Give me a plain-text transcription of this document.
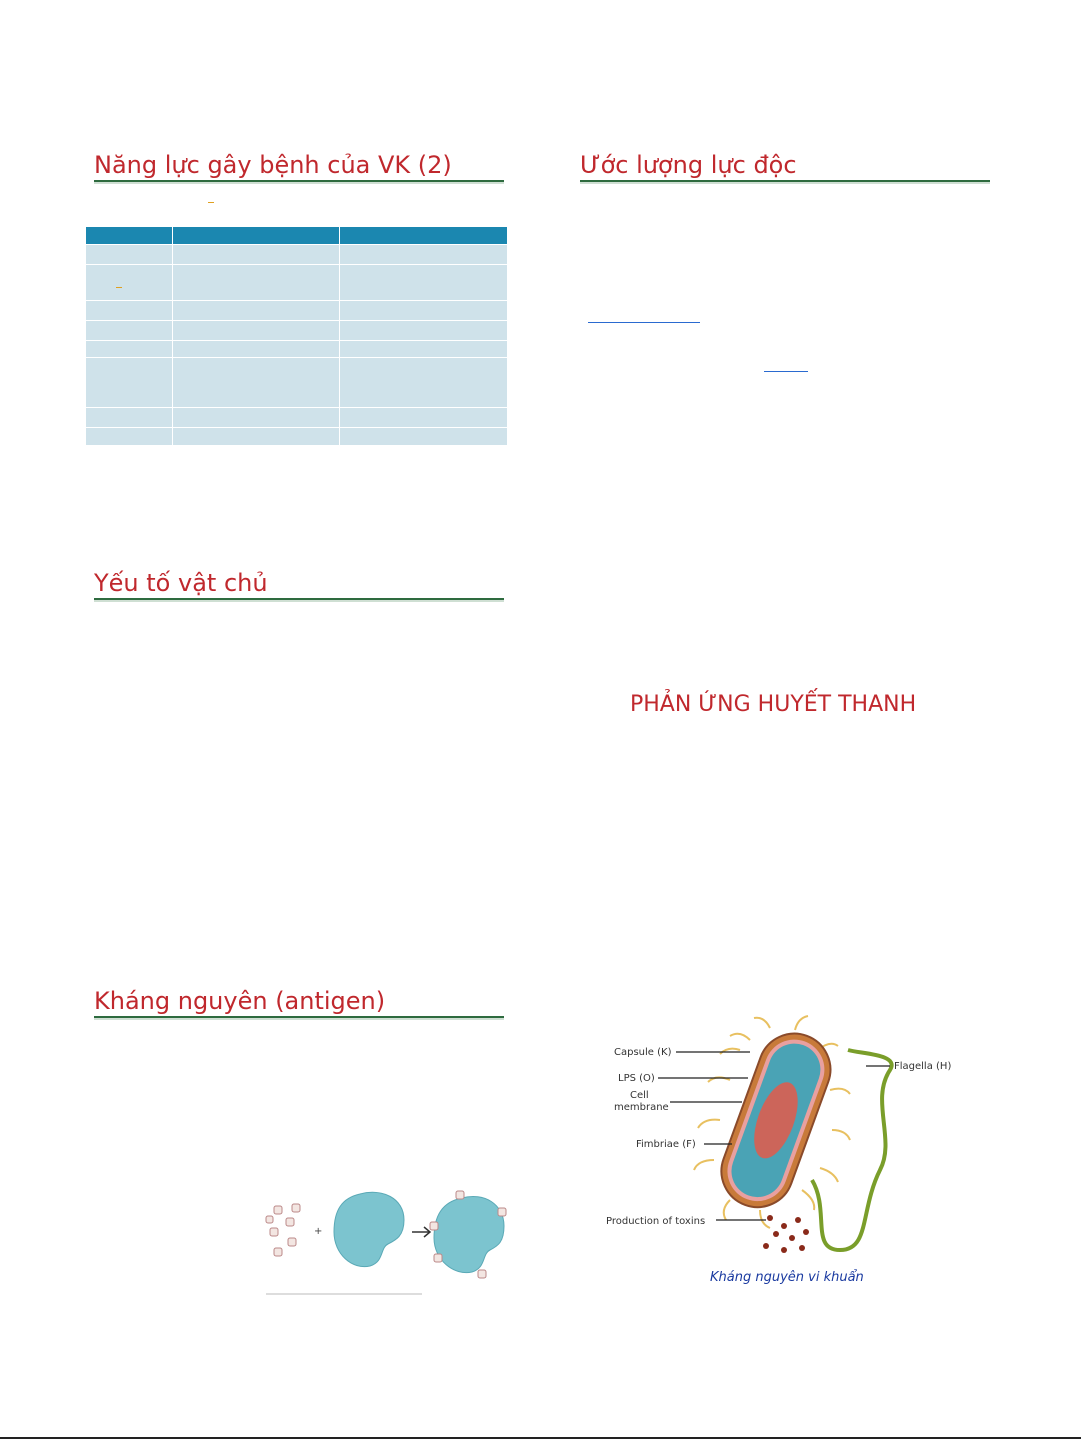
Năng lực gây bệnh của VK (2)

			Ước lượng lực độc
Yếu tố vật chủ
PHẢN ỨNG HUYẾT THANH
Kháng nguyên (antigen)
+
Capsule (K)
LPS (O)
Cell
membrane
Fimbriae (F)
Production of toxins
Flagella (H)
Kháng nguyên vi khuẩn
